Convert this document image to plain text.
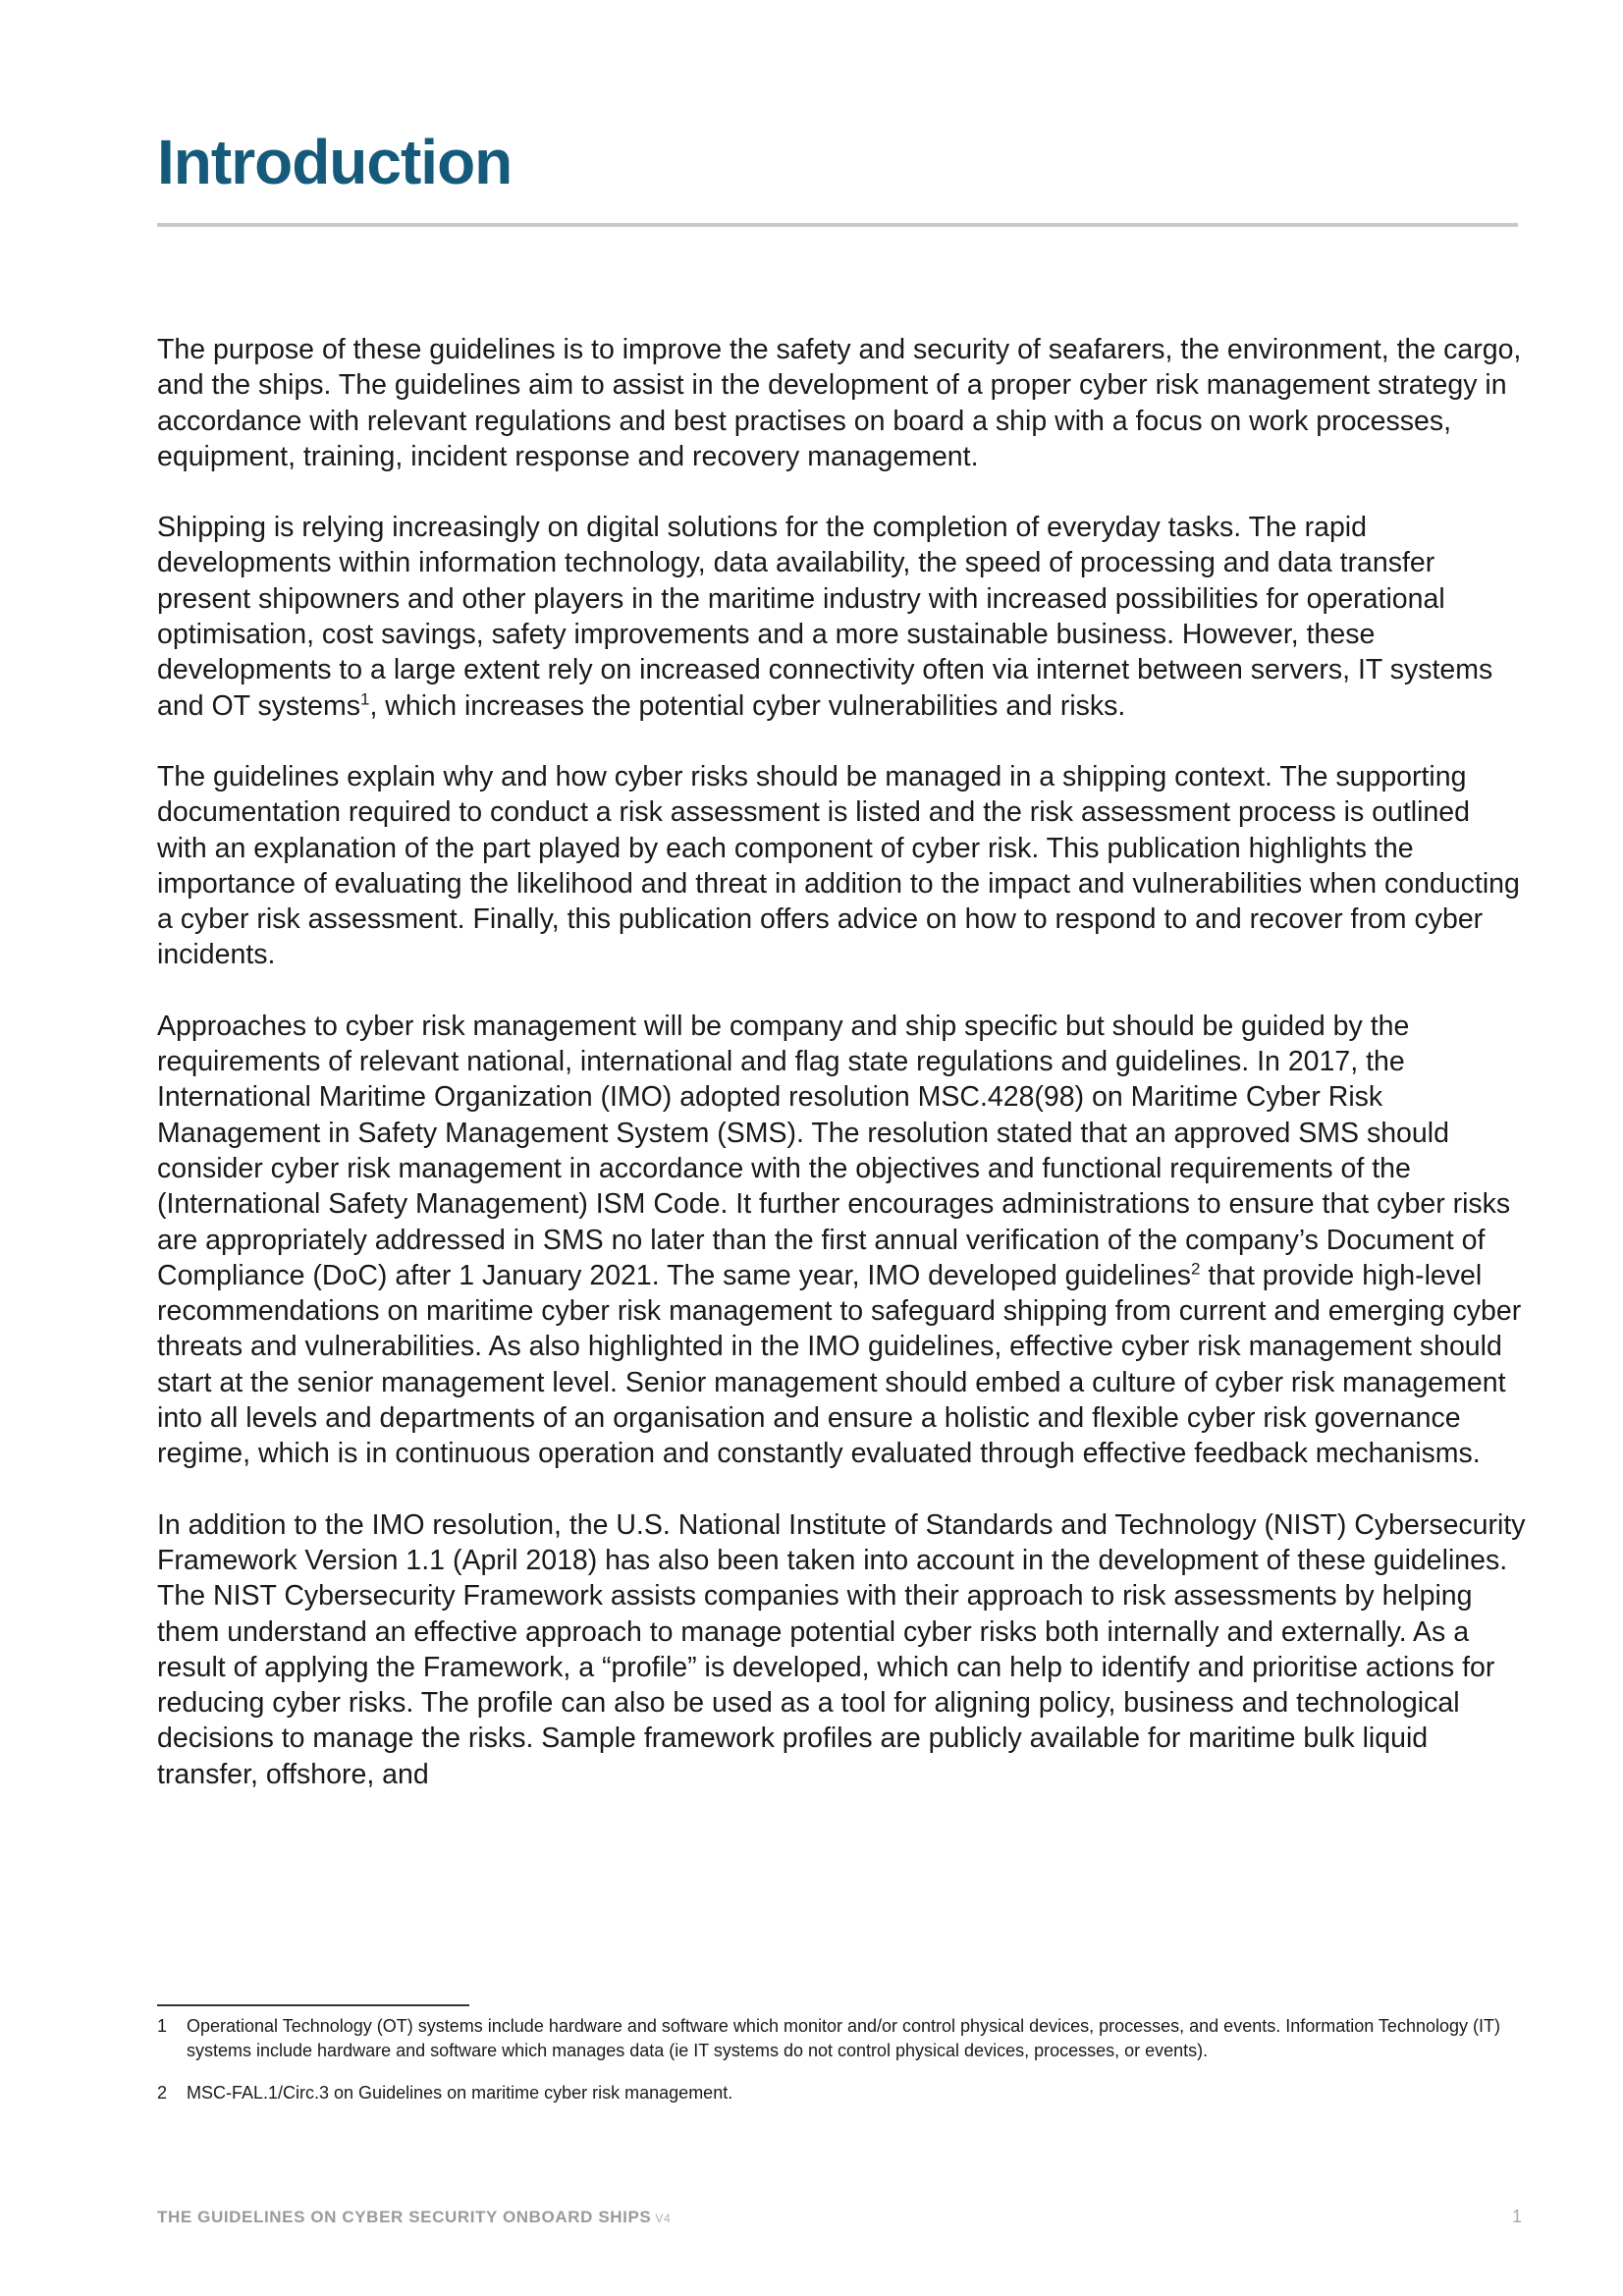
Introduction

The purpose of these guidelines is to improve the safety and security of seafarers, the environment, the cargo, and the ships. The guidelines aim to assist in the development of a proper cyber risk management strategy in accordance with relevant regulations and best practises on board a ship with a focus on work processes, equipment, training, incident response and recovery management.

Shipping is relying increasingly on digital solutions for the completion of everyday tasks. The rapid developments within information technology, data availability, the speed of processing and data transfer present shipowners and other players in the maritime industry with increased possibilities for operational optimisation, cost savings, safety improvements and a more sustainable business. However, these developments to a large extent rely on increased connectivity often via internet between servers, IT systems and OT systems$^1$, which increases the potential cyber vulnerabilities and risks.

The guidelines explain why and how cyber risks should be managed in a shipping context. The supporting documentation required to conduct a risk assessment is listed and the risk assessment process is outlined with an explanation of the part played by each component of cyber risk. This publication highlights the importance of evaluating the likelihood and threat in addition to the impact and vulnerabilities when conducting a cyber risk assessment. Finally, this publication offers advice on how to respond to and recover from cyber incidents.

Approaches to cyber risk management will be company and ship specific but should be guided by the requirements of relevant national, international and flag state regulations and guidelines. In 2017, the International Maritime Organization (IMO) adopted resolution MSC.428(98) on Maritime Cyber Risk Management in Safety Management System (SMS). The resolution stated that an approved SMS should consider cyber risk management in accordance with the objectives and functional requirements of the (International Safety Management) ISM Code. It further encourages administrations to ensure that cyber risks are appropriately addressed in SMS no later than the first annual verification of the company’s Document of Compliance (DoC) after 1 January 2021. The same year, IMO developed guidelines$^2$ that provide high-level recommendations on maritime cyber risk management to safeguard shipping from current and emerging cyber threats and vulnerabilities. As also highlighted in the IMO guidelines, effective cyber risk management should start at the senior management level. Senior management should embed a culture of cyber risk management into all levels and departments of an organisation and ensure a holistic and flexible cyber risk governance regime, which is in continuous operation and constantly evaluated through effective feedback mechanisms.

In addition to the IMO resolution, the U.S. National Institute of Standards and Technology (NIST) Cybersecurity Framework Version 1.1 (April 2018) has also been taken into account in the development of these guidelines. The NIST Cybersecurity Framework assists companies with their approach to risk assessments by helping them understand an effective approach to manage potential cyber risks both internally and externally. As a result of applying the Framework, a “profile” is developed, which can help to identify and prioritise actions for reducing cyber risks. The profile can also be used as a tool for aligning policy, business and technological decisions to manage the risks. Sample framework profiles are publicly available for maritime bulk liquid transfer, offshore, and

1	Operational Technology (OT) systems include hardware and software which monitor and/or control physical devices, processes, and events. Information Technology (IT) systems include hardware and software which manages data (ie IT systems do not control physical devices, processes, or events).
2	MSC-FAL.1/Circ.3 on Guidelines on maritime cyber risk management.
THE GUIDELINES ON CYBER SECURITY ONBOARD SHIPS V4	1
